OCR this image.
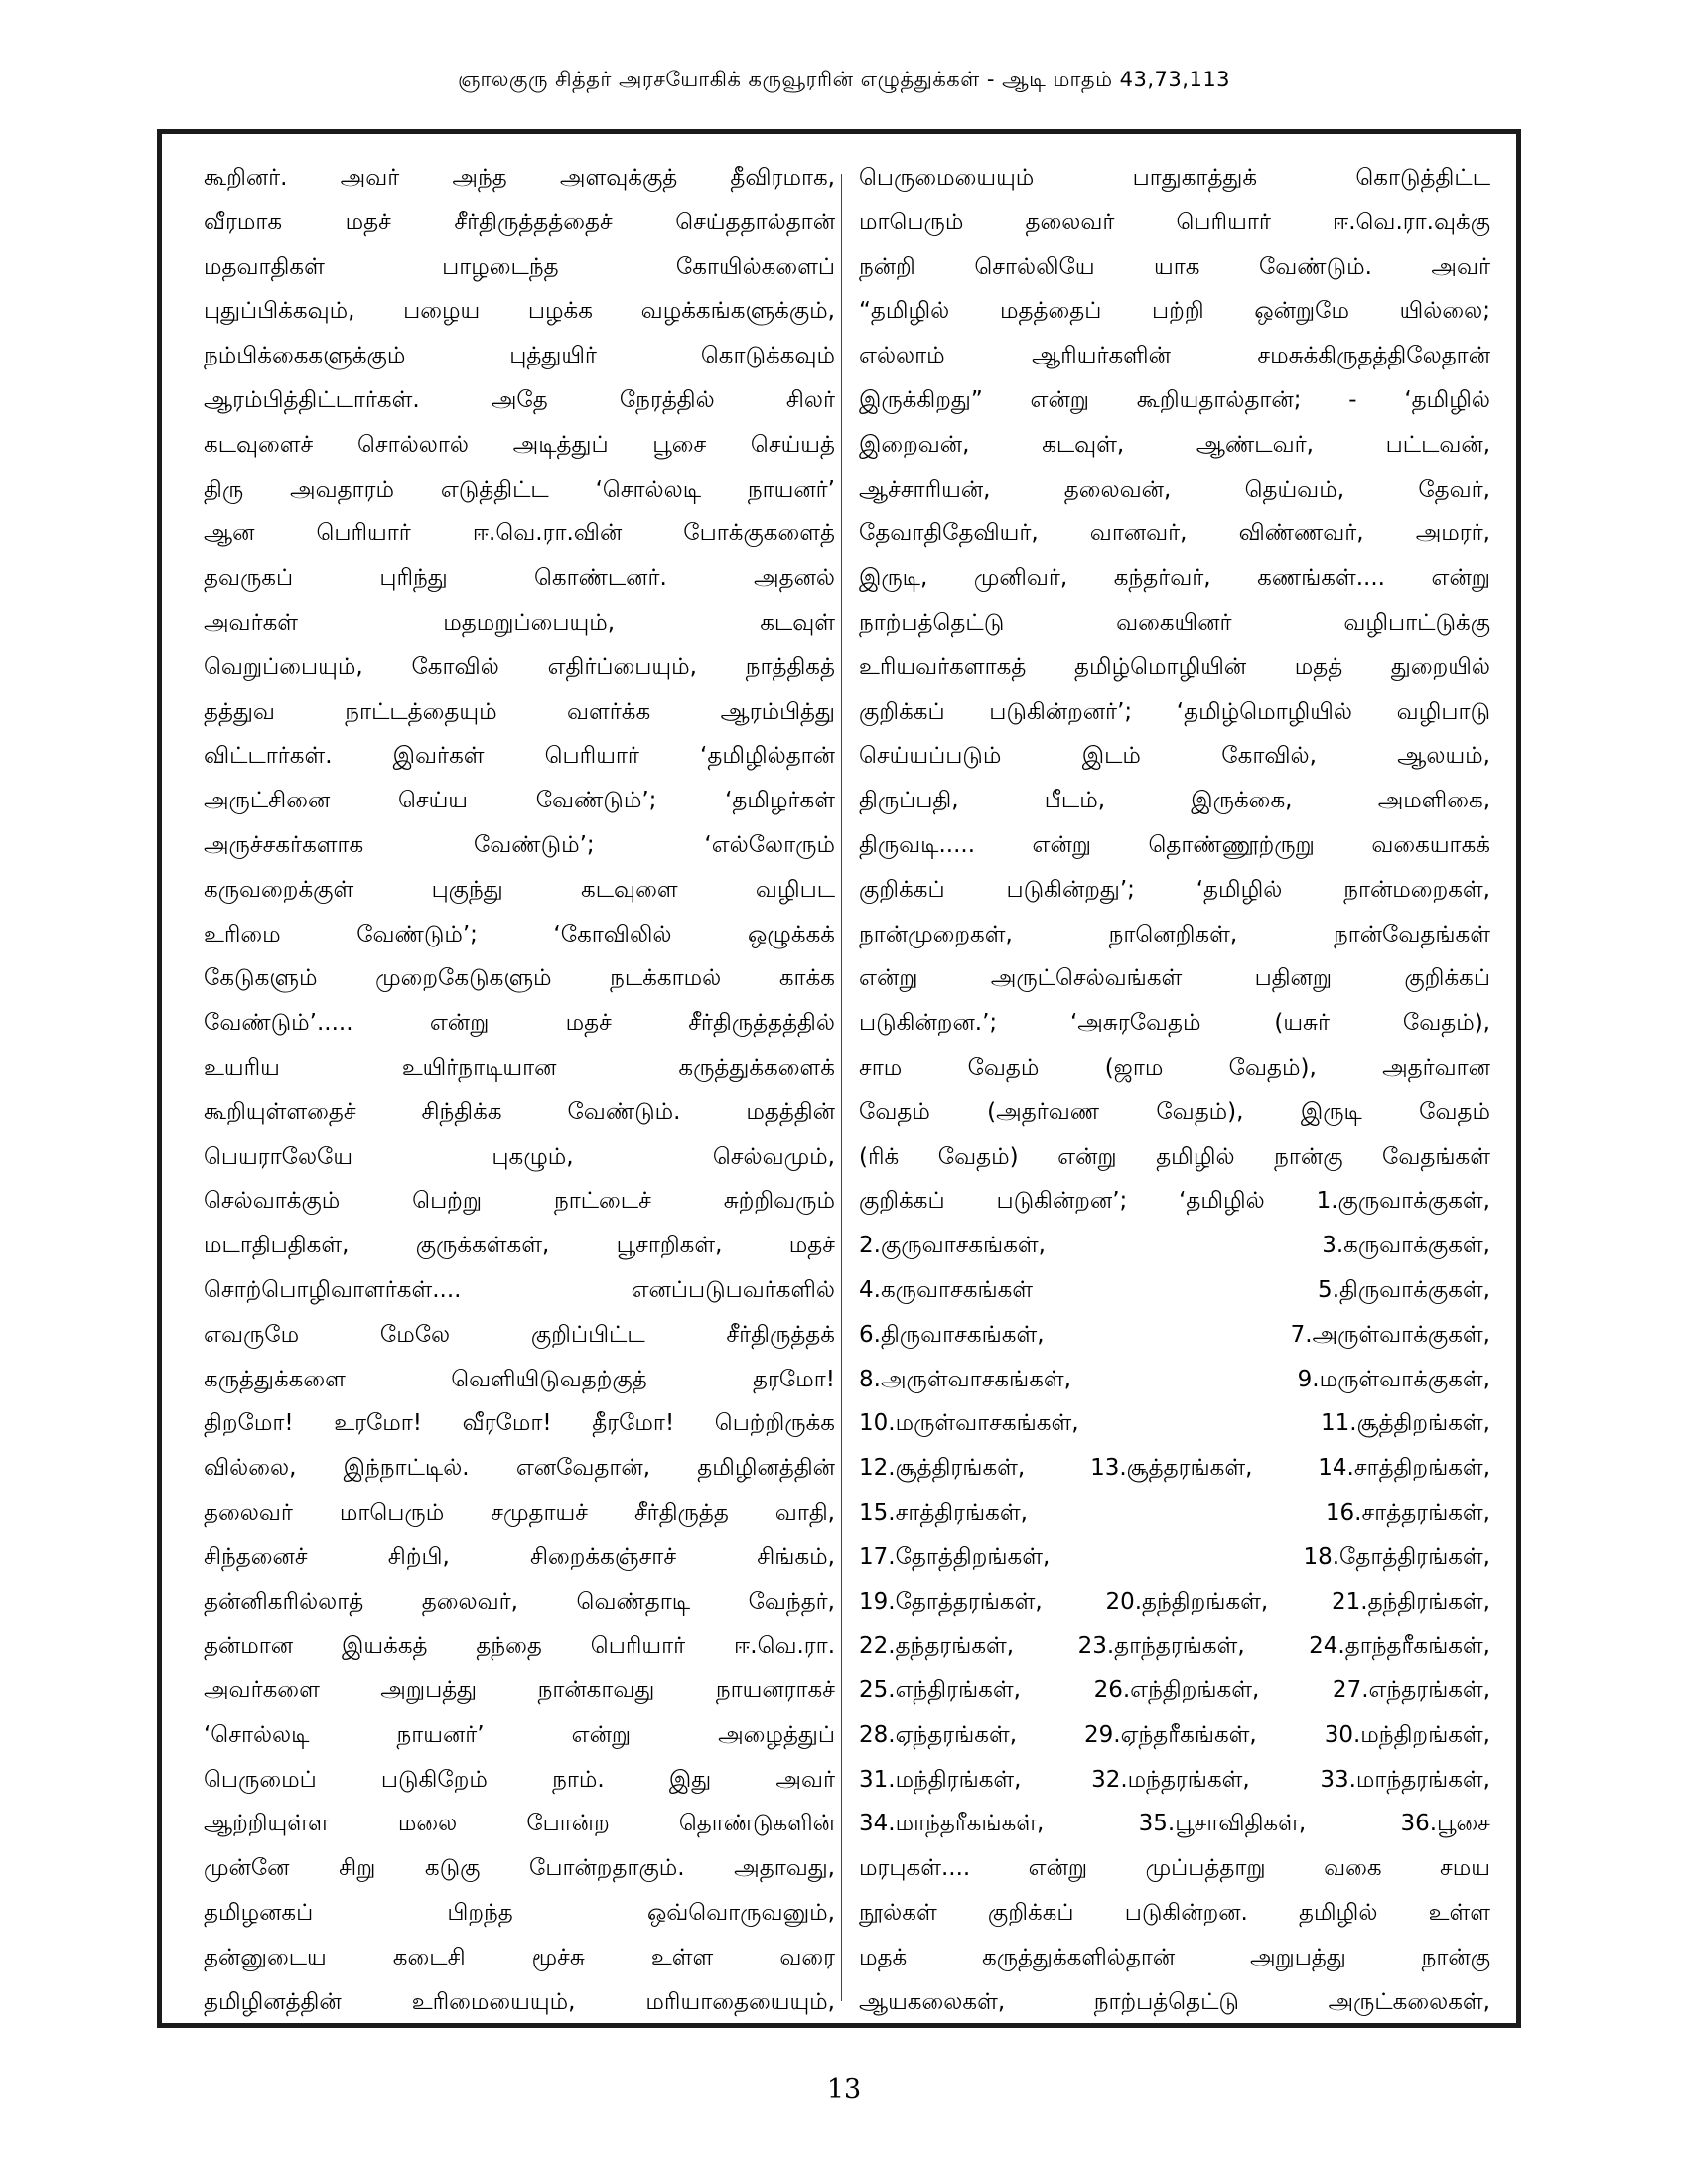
ஞாலகுரு சித்தர் அரசயோகிக் கருவூரரின் எழுத்துக்கள் - ஆடி மாதம் 43,73,113
கூறினர். அவர் அந்த அளவுக்குத் தீவிரமாக,
வீரமாக மதச் சீர்திருத்தத்தைச் செய்ததால்தான்
மதவாதிகள் பாழடைந்த கோயில்களைப்
புதுப்பிக்கவும், பழைய பழக்க வழக்கங்களுக்கும்,
நம்பிக்கைகளுக்கும் புத்துயிர் கொடுக்கவும்
ஆரம்பித்திட்டார்கள். அதே நேரத்தில் சிலர்
கடவுளைச் சொல்லால் அடித்துப் பூசை செய்யத்
திரு அவதாரம் எடுத்திட்ட ‘சொல்லடி நாயனர்’
ஆன பெரியார் ஈ.வெ.ரா.வின் போக்குகளைத்
தவருகப் புரிந்து கொண்டனர். அதனல்
அவர்கள் மதமறுப்பையும், கடவுள்
வெறுப்பையும், கோவில் எதிர்ப்பையும், நாத்திகத்
தத்துவ நாட்டத்தையும் வளர்க்க ஆரம்பித்து
விட்டார்கள். இவர்கள் பெரியார் ‘தமிழில்தான்
அருட்சினை செய்ய வேண்டும்’; ‘தமிழர்கள்
அருச்சகர்களாக வேண்டும்’; ‘எல்லோரும்
கருவறைக்குள் புகுந்து கடவுளை வழிபட
உரிமை வேண்டும்’; ‘கோவிலில் ஒழுக்கக்
கேடுகளும் முறைகேடுகளும் நடக்காமல் காக்க
வேண்டும்’..... என்று மதச் சீர்திருத்தத்தில்
உயரிய உயிர்நாடியான கருத்துக்களைக்
கூறியுள்ளதைச் சிந்திக்க வேண்டும். மதத்தின்
பெயராலேயே புகழும், செல்வமும்,
செல்வாக்கும் பெற்று நாட்டைச் சுற்றிவரும்
மடாதிபதிகள், குருக்கள்கள், பூசாறிகள், மதச்
சொற்பொழிவாளர்கள்.... எனப்படுபவர்களில்
எவருமே மேலே குறிப்பிட்ட சீர்திருத்தக்
கருத்துக்களை வெளியிடுவதற்குத் தரமோ!
திறமோ! உரமோ! வீரமோ! தீரமோ! பெற்றிருக்க
வில்லை, இந்நாட்டில். எனவேதான், தமிழினத்தின்
தலைவர் மாபெரும் சமுதாயச் சீர்திருத்த வாதி,
சிந்தனைச் சிற்பி, சிறைக்கஞ்சாச் சிங்கம்,
தன்னிகரில்லாத் தலைவர், வெண்தாடி வேந்தர்,
தன்மான இயக்கத் தந்தை பெரியார் ஈ.வெ.ரா.
அவர்களை அறுபத்து நான்காவது நாயனராகச்
‘சொல்லடி நாயனர்’ என்று அழைத்துப்
பெருமைப் படுகிறேம் நாம். இது அவர்
ஆற்றியுள்ள மலை போன்ற தொண்டுகளின்
முன்னே சிறு கடுகு போன்றதாகும். அதாவது,
தமிழனகப் பிறந்த ஒவ்வொருவனும்,
தன்னுடைய கடைசி மூச்சு உள்ள வரை
தமிழினத்தின் உரிமையையும், மரியாதையையும்,
பெருமையையும் பாதுகாத்துக் கொடுத்திட்ட
மாபெரும் தலைவர் பெரியார் ஈ.வெ.ரா.வுக்கு
நன்றி சொல்லியே யாக வேண்டும். அவர்
“தமிழில் மதத்தைப் பற்றி ஒன்றுமே யில்லை;
எல்லாம் ஆரியர்களின் சமசுக்கிருதத்திலேதான்
இருக்கிறது” என்று கூறியதால்தான்; - ‘தமிழில்
இறைவன், கடவுள், ஆண்டவர், பட்டவன்,
ஆச்சாரியன், தலைவன், தெய்வம், தேவர்,
தேவாதிதேவியர், வானவர், விண்ணவர், அமரர்,
இருடி, முனிவர், கந்தர்வர், கணங்கள்.... என்று
நாற்பத்தெட்டு வகையினர் வழிபாட்டுக்கு
உரியவர்களாகத் தமிழ்மொழியின் மதத் துறையில்
குறிக்கப் படுகின்றனர்’; ‘தமிழ்மொழியில் வழிபாடு
செய்யப்படும் இடம் கோவில், ஆலயம்,
திருப்பதி, பீடம், இருக்கை, அமளிகை,
திருவடி..... என்று தொண்ணூற்ருறு வகையாகக்
குறிக்கப் படுகின்றது’; ‘தமிழில் நான்மறைகள்,
நான்முறைகள், நானெறிகள், நான்வேதங்கள்
என்று அருட்செல்வங்கள் பதினறு குறிக்கப்
படுகின்றன.’; ‘அசுரவேதம் (யசுர் வேதம்),
சாம வேதம் (ஜாம வேதம்), அதர்வான
வேதம் (அதர்வண வேதம்), இருடி வேதம்
(ரிக் வேதம்) என்று தமிழில் நான்கு வேதங்கள்
குறிக்கப் படுகின்றன’; ‘தமிழில் 1.குருவாக்குகள்,
2.குருவாசகங்கள், 3.கருவாக்குகள்,
4.கருவாசகங்கள் 5.திருவாக்குகள்,
6.திருவாசகங்கள், 7.அருள்வாக்குகள்,
8.அருள்வாசகங்கள், 9.மருள்வாக்குகள்,
10.மருள்வாசகங்கள், 11.சூத்திறங்கள்,
12.சூத்திரங்கள், 13.சூத்தரங்கள், 14.சாத்திறங்கள்,
15.சாத்திரங்கள், 16.சாத்தரங்கள்,
17.தோத்திறங்கள், 18.தோத்திரங்கள்,
19.தோத்தரங்கள், 20.தந்திறங்கள், 21.தந்திரங்கள்,
22.தந்தரங்கள், 23.தாந்தரங்கள், 24.தாந்தரீகங்கள்,
25.எந்திரங்கள், 26.எந்திறங்கள், 27.எந்தரங்கள்,
28.ஏந்தரங்கள், 29.ஏந்தரீகங்கள், 30.மந்திறங்கள்,
31.மந்திரங்கள், 32.மந்தரங்கள், 33.மாந்தரங்கள்,
34.மாந்தரீகங்கள், 35.பூசாவிதிகள், 36.பூசை
மரபுகள்.... என்று முப்பத்தாறு வகை சமய
நூல்கள் குறிக்கப் படுகின்றன. தமிழில் உள்ள
மதக் கருத்துக்களில்தான் அறுபத்து நான்கு
ஆயகலைகள், நாற்பத்தெட்டு அருட்கலைகள்,
13
